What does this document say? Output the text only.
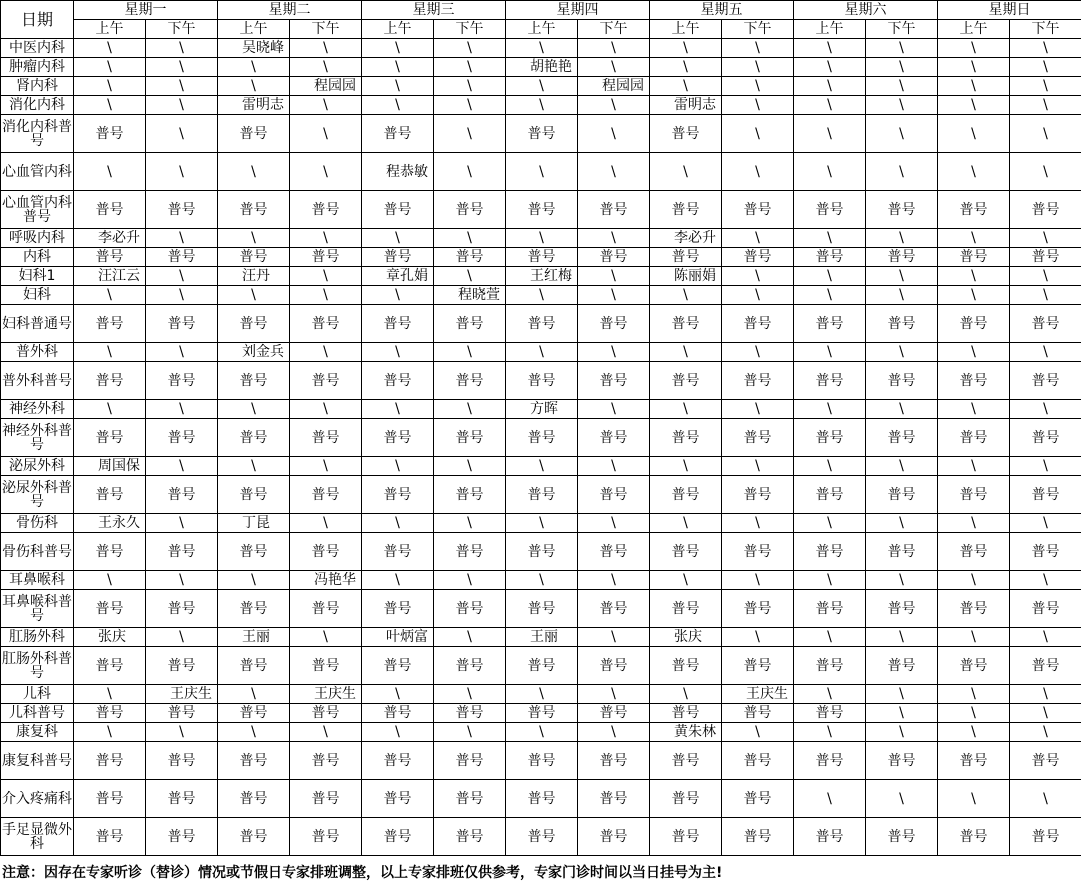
日期	星期一		星期二		星期三		星期四		星期五		星期六		星期日	
	上午	下午	上午	下午	上午	下午	上午	下午	上午	下午	上午	下午	上午	下午
中医内科	\	\	吴晓峰	\	\	\	\	\	\	\	\	\	\	\
肿瘤内科	\	\	\	\	\	\	胡艳艳	\	\	\	\	\	\	\
肾内科	\	\	\	程园园	\	\	\	程园园	\	\	\	\	\	\
消化内科	\	\	雷明志	\	\	\	\	\	雷明志	\	\	\	\	\
消化内科普号	普号	\	普号	\	普号	\	普号	\	普号	\	\	\	\	\
心血管内科	\	\	\	\	程恭敏	\	\	\	\	\	\	\	\	\
心血管内科普号	普号	普号	普号	普号	普号	普号	普号	普号	普号	普号	普号	普号	普号	普号
呼吸内科	李必升	\	\	\	\	\	\	\	李必升	\	\	\	\	\
内科	普号	普号	普号	普号	普号	普号	普号	普号	普号	普号	普号	普号	普号	普号
妇科1	汪江云	\	汪丹	\	章孔娟	\	王红梅	\	陈丽娟	\	\	\	\	\
妇科	\	\	\	\	\	程晓萱	\	\	\	\	\	\	\	\
妇科普通号	普号	普号	普号	普号	普号	普号	普号	普号	普号	普号	普号	普号	普号	普号
普外科	\	\	刘金兵	\	\	\	\	\	\	\	\	\	\	\
普外科普号	普号	普号	普号	普号	普号	普号	普号	普号	普号	普号	普号	普号	普号	普号
神经外科	\	\	\	\	\	\	方晖	\	\	\	\	\	\	\
神经外科普号	普号	普号	普号	普号	普号	普号	普号	普号	普号	普号	普号	普号	普号	普号
泌尿外科	周国保	\	\	\	\	\	\	\	\	\	\	\	\	\
泌尿外科普号	普号	普号	普号	普号	普号	普号	普号	普号	普号	普号	普号	普号	普号	普号
骨伤科	王永久	\	丁昆	\	\	\	\	\	\	\	\	\	\	\
骨伤科普号	普号	普号	普号	普号	普号	普号	普号	普号	普号	普号	普号	普号	普号	普号
耳鼻喉科	\	\	\	冯艳华	\	\	\	\	\	\	\	\	\	\
耳鼻喉科普号	普号	普号	普号	普号	普号	普号	普号	普号	普号	普号	普号	普号	普号	普号
肛肠外科	张庆	\	王丽	\	叶炳富	\	王丽	\	张庆	\	\	\	\	\
肛肠外科普号	普号	普号	普号	普号	普号	普号	普号	普号	普号	普号	普号	普号	普号	普号
儿科	\	王庆生	\	王庆生	\	\	\	\	\	王庆生	\	\	\	\
儿科普号	普号	普号	普号	普号	普号	普号	普号	普号	普号	普号	普号	\	\	\
康复科	\	\	\	\	\	\	\	\	黄朱林	\	\	\	\	\
康复科普号	普号	普号	普号	普号	普号	普号	普号	普号	普号	普号	普号	普号	普号	普号
介入疼痛科	普号	普号	普号	普号	普号	普号	普号	普号	普号	普号	\	\	\	\
手足显微外科	普号	普号	普号	普号	普号	普号	普号	普号	普号	普号	普号	普号	普号	普号
注意：因存在专家听诊（替诊）情况或节假日专家排班调整，以上专家排班仅供参考，专家门诊时间以当日挂号为主!
